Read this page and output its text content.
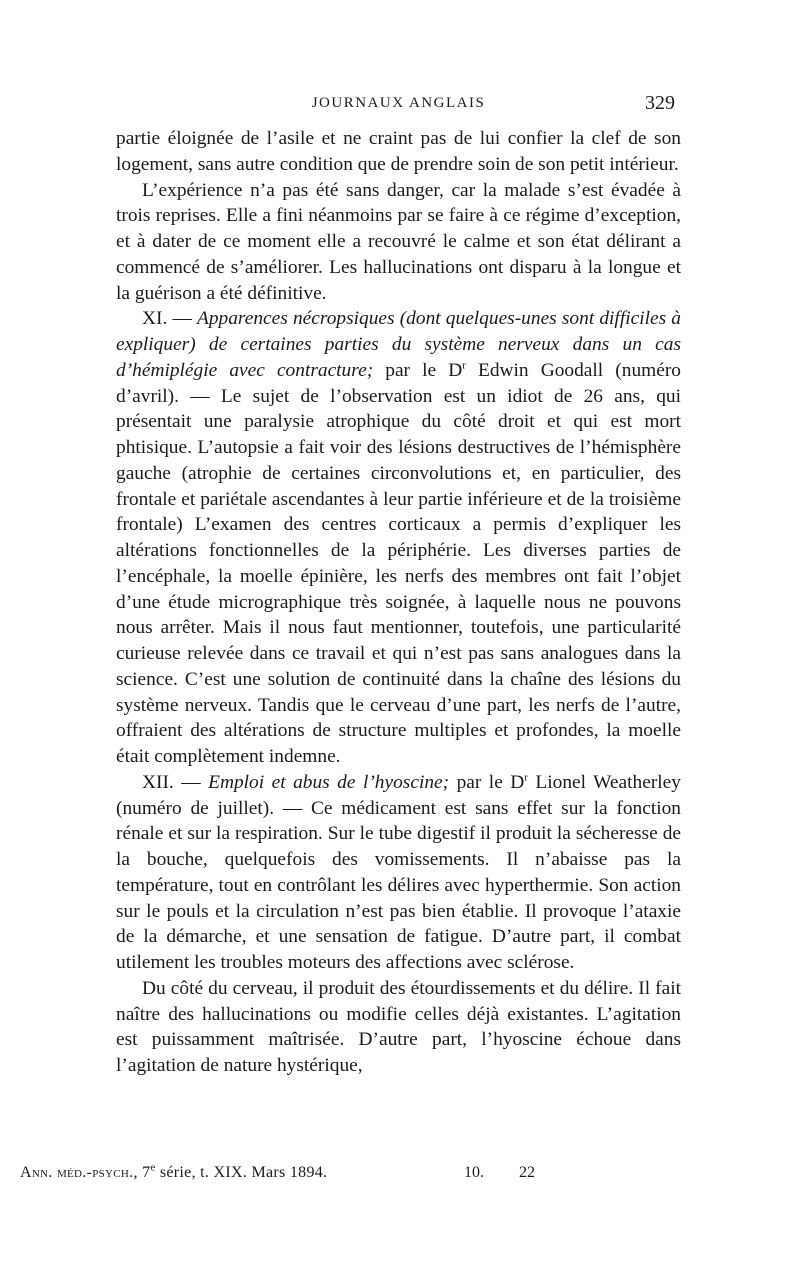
JOURNAUX ANGLAIS	329

partie éloignée de l’asile et ne craint pas de lui confier la clef de son logement, sans autre condition que de prendre soin de son petit intérieur.

L’expérience n’a pas été sans danger, car la malade s’est évadée à trois reprises. Elle a fini néanmoins par se faire à ce régime d’exception, et à dater de ce moment elle a recouvré le calme et son état délirant a commencé de s’améliorer. Les hallucinations ont disparu à la longue et la guérison a été définitive.

XI. — Apparences nécropsiques (dont quelques-unes sont difficiles à expliquer) de certaines parties du système nerveux dans un cas d’hémiplégie avec contracture; par le $D^r$ Edwin Goodall (numéro d’avril). — Le sujet de l’observation est un idiot de 26 ans, qui présentait une paralysie atrophique du côté droit et qui est mort phtisique. L’autopsie a fait voir des lésions destructives de l’hémisphère gauche (atrophie de certaines circonvolutions et, en particulier, des frontale et pariétale ascendantes à leur partie inférieure et de la troisième frontale) L’examen des centres corticaux a permis d’expliquer les altérations fonctionnelles de la périphérie. Les diverses parties de l’encéphale, la moelle épinière, les nerfs des membres ont fait l’objet d’une étude micrographique très soignée, à laquelle nous ne pouvons nous arrêter. Mais il nous faut mentionner, toutefois, une particularité curieuse relevée dans ce travail et qui n’est pas sans analogues dans la science. C’est une solution de continuité dans la chaîne des lésions du système nerveux. Tandis que le cerveau d’une part, les nerfs de l’autre, offraient des altérations de structure multiples et profondes, la moelle était complètement indemne.

XII. — Emploi et abus de l’hyoscine; par le $D^r$ Lionel Weatherley (numéro de juillet). — Ce médicament est sans effet sur la fonction rénale et sur la respiration. Sur le tube digestif il produit la sécheresse de la bouche, quelquefois des vomissements. Il n’abaisse pas la température, tout en contrôlant les délires avec hyperthermie. Son action sur le pouls et la circulation n’est pas bien établie. Il provoque l’ataxie de la démarche, et une sensation de fatigue. D’autre part, il combat utilement les troubles moteurs des affections avec sclérose.

Du côté du cerveau, il produit des étourdissements et du délire. Il fait naître des hallucinations ou modifie celles déjà existantes. L’agitation est puissamment maîtrisée. D’autre part, l’hyoscine échoue dans l’agitation de nature hystérique,

Ann. méd.-psych., 7e série, t. XIX. Mars 1894.	10. 22
